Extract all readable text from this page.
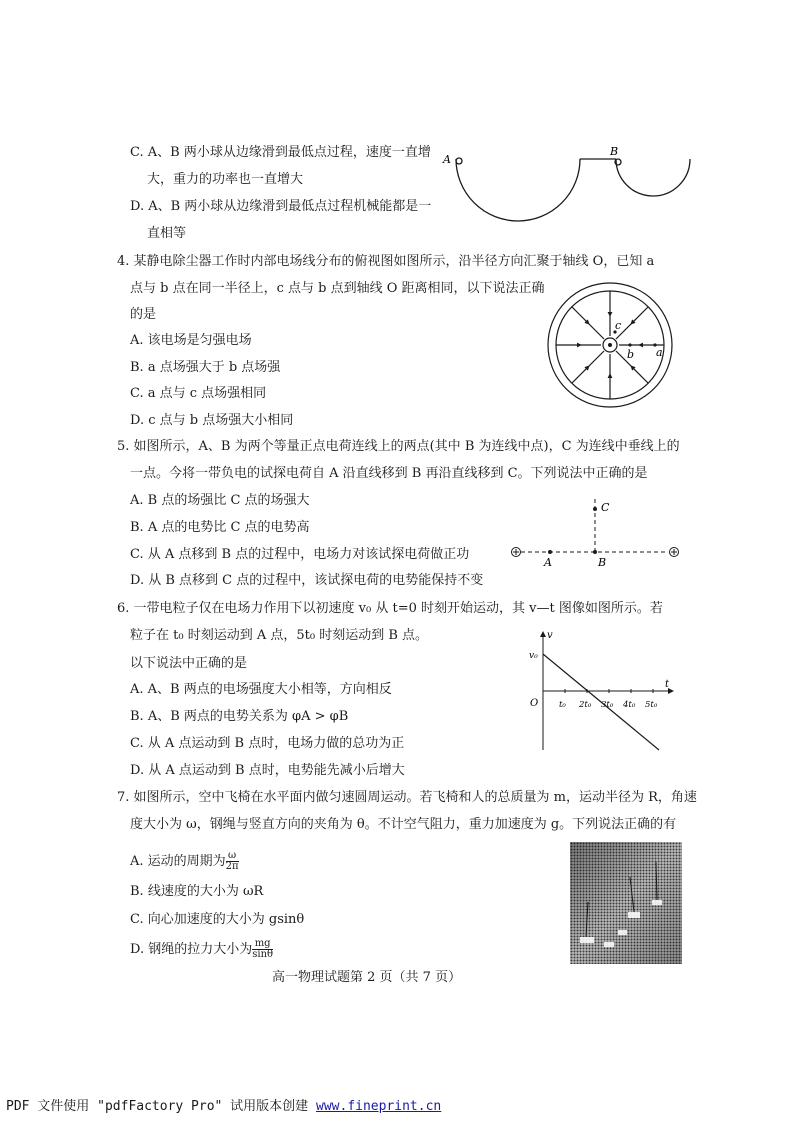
C. A、B 两小球从边缘滑到最低点过程，速度一直增
大，重力的功率也一直增大
D. A、B 两小球从边缘滑到最低点过程机械能都是一
直相等
A
B
4. 某静电除尘器工作时内部电场线分布的俯视图如图所示，沿半径方向汇聚于轴线 O，已知 a
点与 b 点在同一半径上，c 点与 b 点到轴线 O 距离相同，以下说法正确
的是
A. 该电场是匀强电场
B. a 点场强大于 b 点场强
C. a 点与 c 点场强相同
D. c 点与 b 点场强大小相同
c
b a
5. 如图所示，A、B 为两个等量正点电荷连线上的两点(其中 B 为连线中点)，C 为连线中垂线上的
一点。今将一带负电的试探电荷自 A 沿直线移到 B 再沿直线移到 C。下列说法中正确的是
A. B 点的场强比 C 点的场强大
B. A 点的电势比 C 点的电势高
C. 从 A 点移到 B 点的过程中，电场力对该试探电荷做正功
D. 从 B 点移到 C 点的过程中，该试探电荷的电势能保持不变
C
A	B
6. 一带电粒子仅在电场力作用下以初速度 v₀ 从 t=0 时刻开始运动，其 v—t 图像如图所示。若
粒子在 t₀ 时刻运动到 A 点，5t₀ 时刻运动到 B 点。
以下说法中正确的是
A. A、B 两点的电场强度大小相等，方向相反
B. A、B 两点的电势关系为 φA > φB
C. 从 A 点运动到 B 点时，电场力做的总功为正
D. 从 A 点运动到 B 点时，电势能先减小后增大
v
t
O
v₀
t₀ 2t₀ 3t₀ 4t₀ 5t₀
7. 如图所示，空中飞椅在水平面内做匀速圆周运动。若飞椅和人的总质量为 m，运动半径为 R，角速
度大小为 ω，钢绳与竖直方向的夹角为 θ。不计空气阻力，重力加速度为 g。下列说法正确的有
A. 运动的周期为 $\frac{\omega}{2\pi}$
B. 线速度的大小为 ωR
C. 向心加速度的大小为 gsinθ
D. 钢绳的拉力大小为 $\frac{mg}{\sin\theta}$
高一物理试题第 2 页（共 7 页）
PDF 文件使用 "pdfFactory Pro" 试用版本创建 www.fineprint.cn
